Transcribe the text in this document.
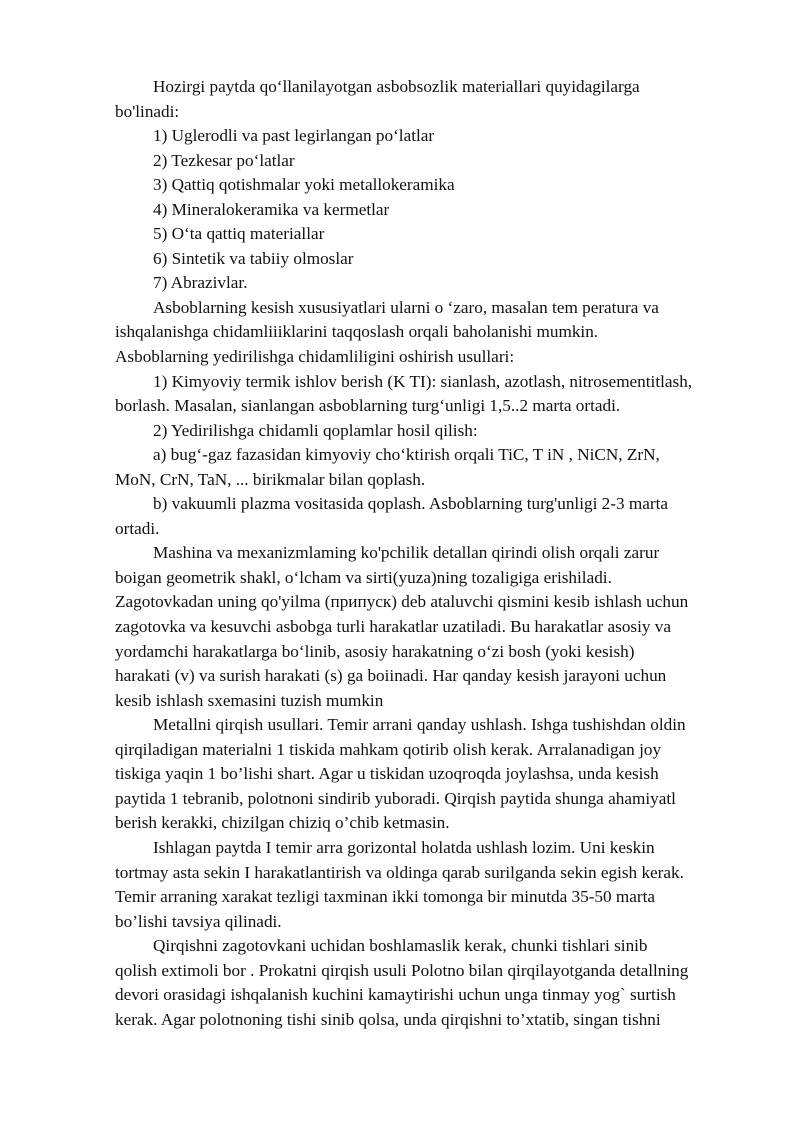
Hozirgi paytda qo‘llanilayotgan asbobsozlik materiallari quyidagilarga
bo'linadi:
1) Uglerodli va past legirlangan po‘latlar
2) Tezkesar po‘latlar
3) Qattiq qotishmalar yoki metallokeramika
4) Mineralokeramika va kermetlar
5) O‘ta qattiq materiallar
6) Sintetik va tabiiy olmoslar
7) Abrazivlar.
Asboblarning kesish xususiyatlari ularni o ‘zaro, masalan tem peratura va
ishqalanishga chidamliiiklarini taqqoslash orqali baholanishi mumkin.
Asboblarning yedirilishga chidamliligini oshirish usullari:
1) Kimyoviy termik ishlov berish (K TI): sianlash, azotlash, nitrosementitlash,
borlash. Masalan, sianlangan asboblarning turg‘unligi 1,5..2 marta ortadi.
2) Yedirilishga chidamli qoplamlar hosil qilish:
a) bug‘-gaz fazasidan kimyoviy cho‘ktirish orqali TiC, T iN , NiCN, ZrN,
MoN, CrN, TaN, ... birikmalar bilan qoplash.
b) vakuumli plazma vositasida qoplash. Asboblarning turg'unligi 2-3 marta
ortadi.
Mashina va mexanizmlaming ko'pchilik detallan qirindi olish orqali zarur
boigan geometrik shakl, o‘lcham va sirti(yuza)ning tozaligiga erishiladi.
Zagotovkadan uning qo'yilma (припуск) deb ataluvchi qismini kesib ishlash uchun
zagotovka va kesuvchi asbobga turli harakatlar uzatiladi. Bu harakatlar asosiy va
yordamchi harakatlarga bo‘linib, asosiy harakatning o‘zi bosh (yoki kesish)
harakati (v) va surish harakati (s) ga boiinadi. Har qanday kesish jarayoni uchun
kesib ishlash sxemasini tuzish mumkin
Metallni qirqish usullari. Temir arrani qanday ushlash. Ishga tushishdan oldin
qirqiladigan materialni 1 tiskida mahkam qotirib olish kerak. Arralanadigan joy
tiskiga yaqin 1 bo’lishi shart. Agar u tiskidan uzoqroqda joylashsa, unda kesish
paytida 1 tebranib, polotnoni sindirib yuboradi. Qirqish paytida shunga ahamiyatl
berish kerakki, chizilgan chiziq o’chib ketmasin.
Ishlagan paytda I temir arra gorizontal holatda ushlash lozim. Uni keskin
tortmay asta sekin I harakatlantirish va oldinga qarab surilganda sekin egish kerak.
Temir arraning xarakat tezligi taxminan ikki tomonga bir minutda 35-50 marta
bo’lishi tavsiya qilinadi.
Qirqishni zagotovkani uchidan boshlamaslik kerak, chunki tishlari sinib
qolish extimoli bor . Prokatni qirqish usuli Polotno bilan qirqilayotganda detallning
devori orasidagi ishqalanish kuchini kamaytirishi uchun unga tinmay yog` surtish
kerak. Agar polotnoning tishi sinib qolsa, unda qirqishni to’xtatib, singan tishni
